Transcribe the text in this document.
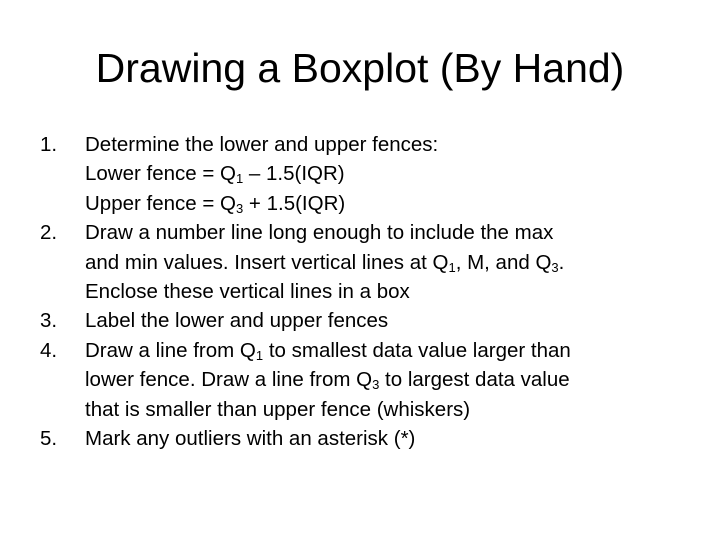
Drawing a Boxplot (By Hand)
1. Determine the lower and upper fences:
Lower fence = $Q_1 - 1.5(IQR)$
Upper fence = $Q_3 + 1.5(IQR)$
2. Draw a number line long enough to include the max
and min values. Insert vertical lines at $Q_1$, M, and $Q_3$.
Enclose these vertical lines in a box
3. Label the lower and upper fences
4. Draw a line from $Q_1$ to smallest data value larger than
lower fence. Draw a line from $Q_3$ to largest data value
that is smaller than upper fence (whiskers)
5. Mark any outliers with an asterisk (*)
